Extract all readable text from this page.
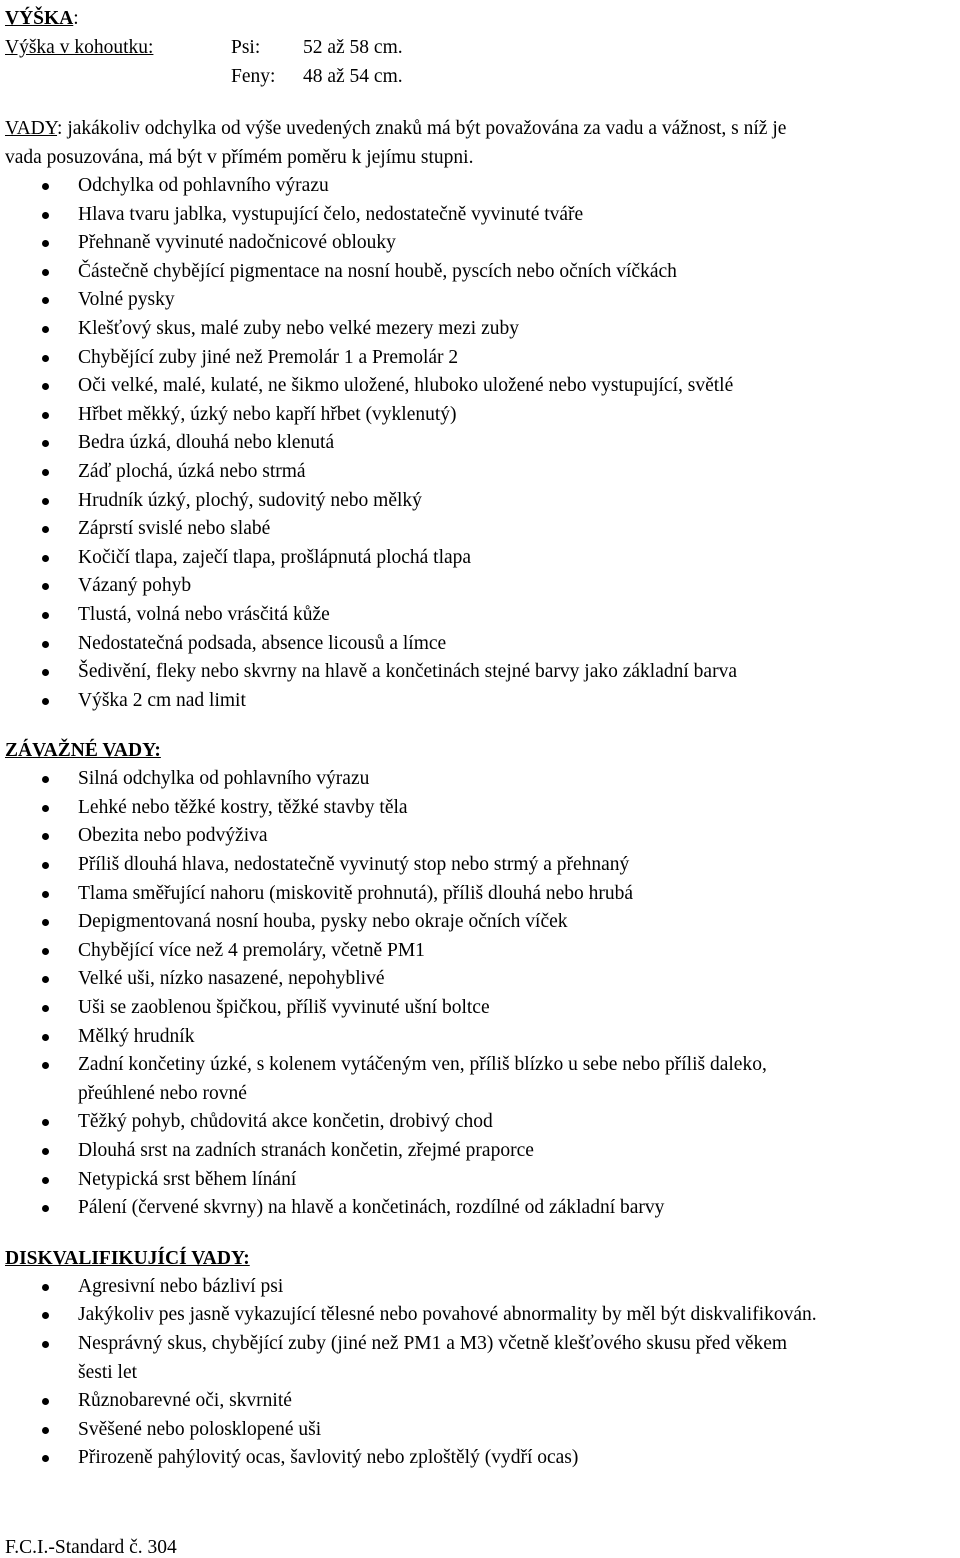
VÝŠKA:
Výška v kohoutku:	Psi: 52 až 58 cm.
Feny: 48 až 54 cm.

VADY: jakákoliv odchylka od výše uvedených znaků má být považována za vadu a vážnost, s níž je
vada posuzována, má být v přímém poměru k jejímu stupni.

Odchylka od pohlavního výrazu
Hlava tvaru jablka, vystupující čelo, nedostatečně vyvinuté tváře
Přehnaně vyvinuté nadočnicové oblouky
Částečně chybějící pigmentace na nosní houbě, pyscích nebo očních víčkách
Volné pysky
Klešťový skus, malé zuby nebo velké mezery mezi zuby
Chybějící zuby jiné než Premolár 1 a Premolár 2
Oči velké, malé, kulaté, ne šikmo uložené, hluboko uložené nebo vystupující, světlé
Hřbet měkký, úzký nebo kapří hřbet (vyklenutý)
Bedra úzká, dlouhá nebo klenutá
Záď plochá, úzká nebo strmá
Hrudník úzký, plochý, sudovitý nebo mělký
Záprstí svislé nebo slabé
Kočičí tlapa, zaječí tlapa, prošlápnutá plochá tlapa
Vázaný pohyb
Tlustá, volná nebo vrásčitá kůže
Nedostatečná podsada, absence licousů a límce
Šedivění, fleky nebo skvrny na hlavě a končetinách stejné barvy jako základní barva
Výška 2 cm nad limit
ZÁVAŽNÉ VADY:
Silná odchylka od pohlavního výrazu
Lehké nebo těžké kostry, těžké stavby těla
Obezita nebo podvýživa
Příliš dlouhá hlava, nedostatečně vyvinutý stop nebo strmý a přehnaný
Tlama směřující nahoru (miskovitě prohnutá), příliš dlouhá nebo hrubá
Depigmentovaná nosní houba, pysky nebo okraje očních víček
Chybějící více než 4 premoláry, včetně PM1
Velké uši, nízko nasazené, nepohyblivé
Uši se zaoblenou špičkou, příliš vyvinuté ušní boltce
Mělký hrudník
Zadní končetiny úzké, s kolenem vytáčeným ven, příliš blízko u sebe nebo příliš daleko,
přeúhlené nebo rovné
Těžký pohyb, chůdovitá akce končetin, drobivý chod
Dlouhá srst na zadních stranách končetin, zřejmé praporce
Netypická srst během línání
Pálení (červené skvrny) na hlavě a končetinách, rozdílné od základní barvy
DISKVALIFIKUJÍCÍ VADY:
Agresivní nebo bázliví psi
Jakýkoliv pes jasně vykazující tělesné nebo povahové abnormality by měl být diskvalifikován.
Nesprávný skus, chybějící zuby (jiné než PM1 a M3) včetně klešťového skusu před věkem
šesti let
Různobarevné oči, skvrnité
Svěšené nebo polosklopené uši
Přirozeně pahýlovitý ocas, šavlovitý nebo zploštělý (vydří ocas)
F.C.I.-Standard č. 304
